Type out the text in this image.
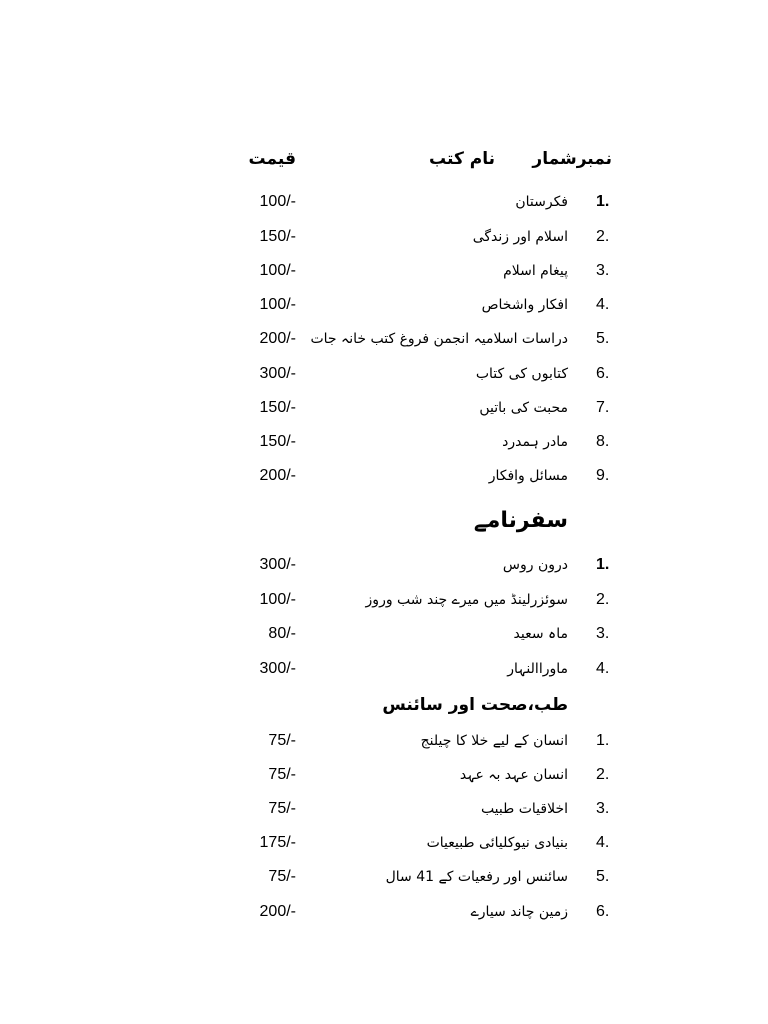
نمبرشمار
نام کتب
قیمت
1.
فکرستان
100/-
2.
اسلام اور زندگی
150/-
3.
پیغام اسلام
100/-
4.
افکار واشخاص
100/-
5.
دراسات اسلامیہ انجمن فروغ کتب خانہ جات
200/-
6.
کتابوں کی کتاب
300/-
7.
محبت کی باتیں
150/-
8.
مادر ہمدرد
150/-
9.
مسائل وافکار
200/-
سفرنامے
1.
درون روس
300/-
2.
سوئزرلینڈ میں میرے چند شب وروز
100/-
3.
ماہ سعید
80/-
4.
ماوراالنہار
300/-
طب،صحت اور سائنس
1.
انسان کے لیے خلا کا چیلنج
75/-
2.
انسان عہد بہ عہد
75/-
3.
اخلاقیات طبیب
75/-
4.
بنیادی نیوکلیائی طبیعیات
175/-
5.
سائنس اور رفعیات کے 41 سال
75/-
6.
زمین چاند سیارے
200/-
